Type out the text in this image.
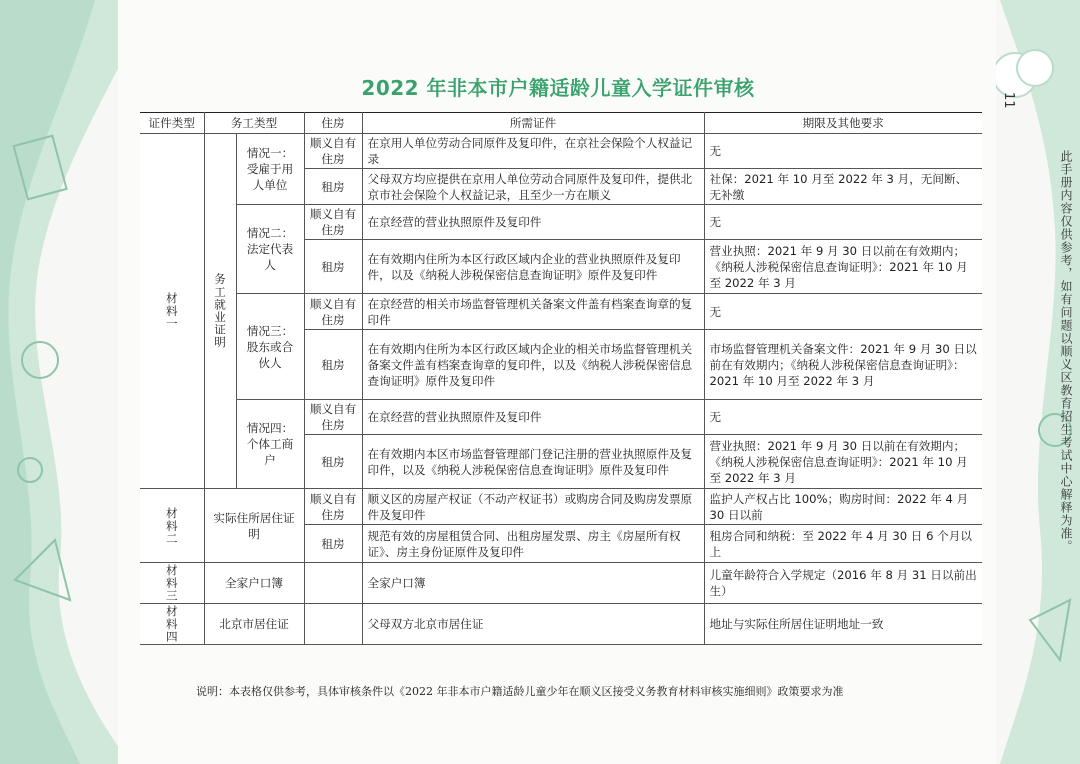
2022 年非本市户籍适龄儿童入学证件审核
11
此手册内容仅供参考，如有问题以顺义区教育招生考试中心解释为准。
证件类型	务工类型		住房	所需证件	期限及其他要求

材料一	务工就业证明	情况一：受雇于用人单位	顺义自有住房	在京用人单位劳动合同原件及复印件，在京社会保险个人权益记录	无
			租房	父母双方均应提供在京用人单位劳动合同原件及复印件，提供北京市社会保险个人权益记录，且至少一方在顺义	社保：2021 年 10 月至 2022 年 3 月，无间断、无补缴
		情况二：法定代表人	顺义自有住房	在京经营的营业执照原件及复印件	无
			租房	在有效期内住所为本区行政区域内企业的营业执照原件及复印件，以及《纳税人涉税保密信息查询证明》原件及复印件	营业执照：2021 年 9 月 30 日以前在有效期内；《纳税人涉税保密信息查询证明》：2021 年 10 月至 2022 年 3 月
		情况三：股东或合伙人	顺义自有住房	在京经营的相关市场监督管理机关备案文件盖有档案查询章的复印件	无
			租房	在有效期内住所为本区行政区域内企业的相关市场监督管理机关备案文件盖有档案查询章的复印件，以及《纳税人涉税保密信息查询证明》原件及复印件	市场监督管理机关备案文件：2021 年 9 月 30 日以前在有效期内；《纳税人涉税保密信息查询证明》：2021 年 10 月至 2022 年 3 月
		情况四：个体工商户	顺义自有住房	在京经营的营业执照原件及复印件	无
			租房	在有效期内本区市场监督管理部门登记注册的营业执照原件及复印件，以及《纳税人涉税保密信息查询证明》原件及复印件	营业执照：2021 年 9 月 30 日以前在有效期内；《纳税人涉税保密信息查询证明》：2021 年 10 月至 2022 年 3 月

材料二	实际住所居住证明		顺义自有住房	顺义区的房屋产权证（不动产权证书）或购房合同及购房发票原件及复印件	监护人产权占比 100%；购房时间：2022 年 4 月 30 日以前
			租房	规范有效的房屋租赁合同、出租房屋发票、房主《房屋所有权证》、房主身份证原件及复印件	租房合同和纳税：至 2022 年 4 月 30 日 6 个月以上

材料三	全家户口簿			全家户口簿	儿童年龄符合入学规定（2016 年 8 月 31 日以前出生）

材料四	北京市居住证			父母双方北京市居住证	地址与实际住所居住证明地址一致
说明：本表格仅供参考，具体审核条件以《2022 年非本市户籍适龄儿童少年在顺义区接受义务教育材料审核实施细则》政策要求为准
